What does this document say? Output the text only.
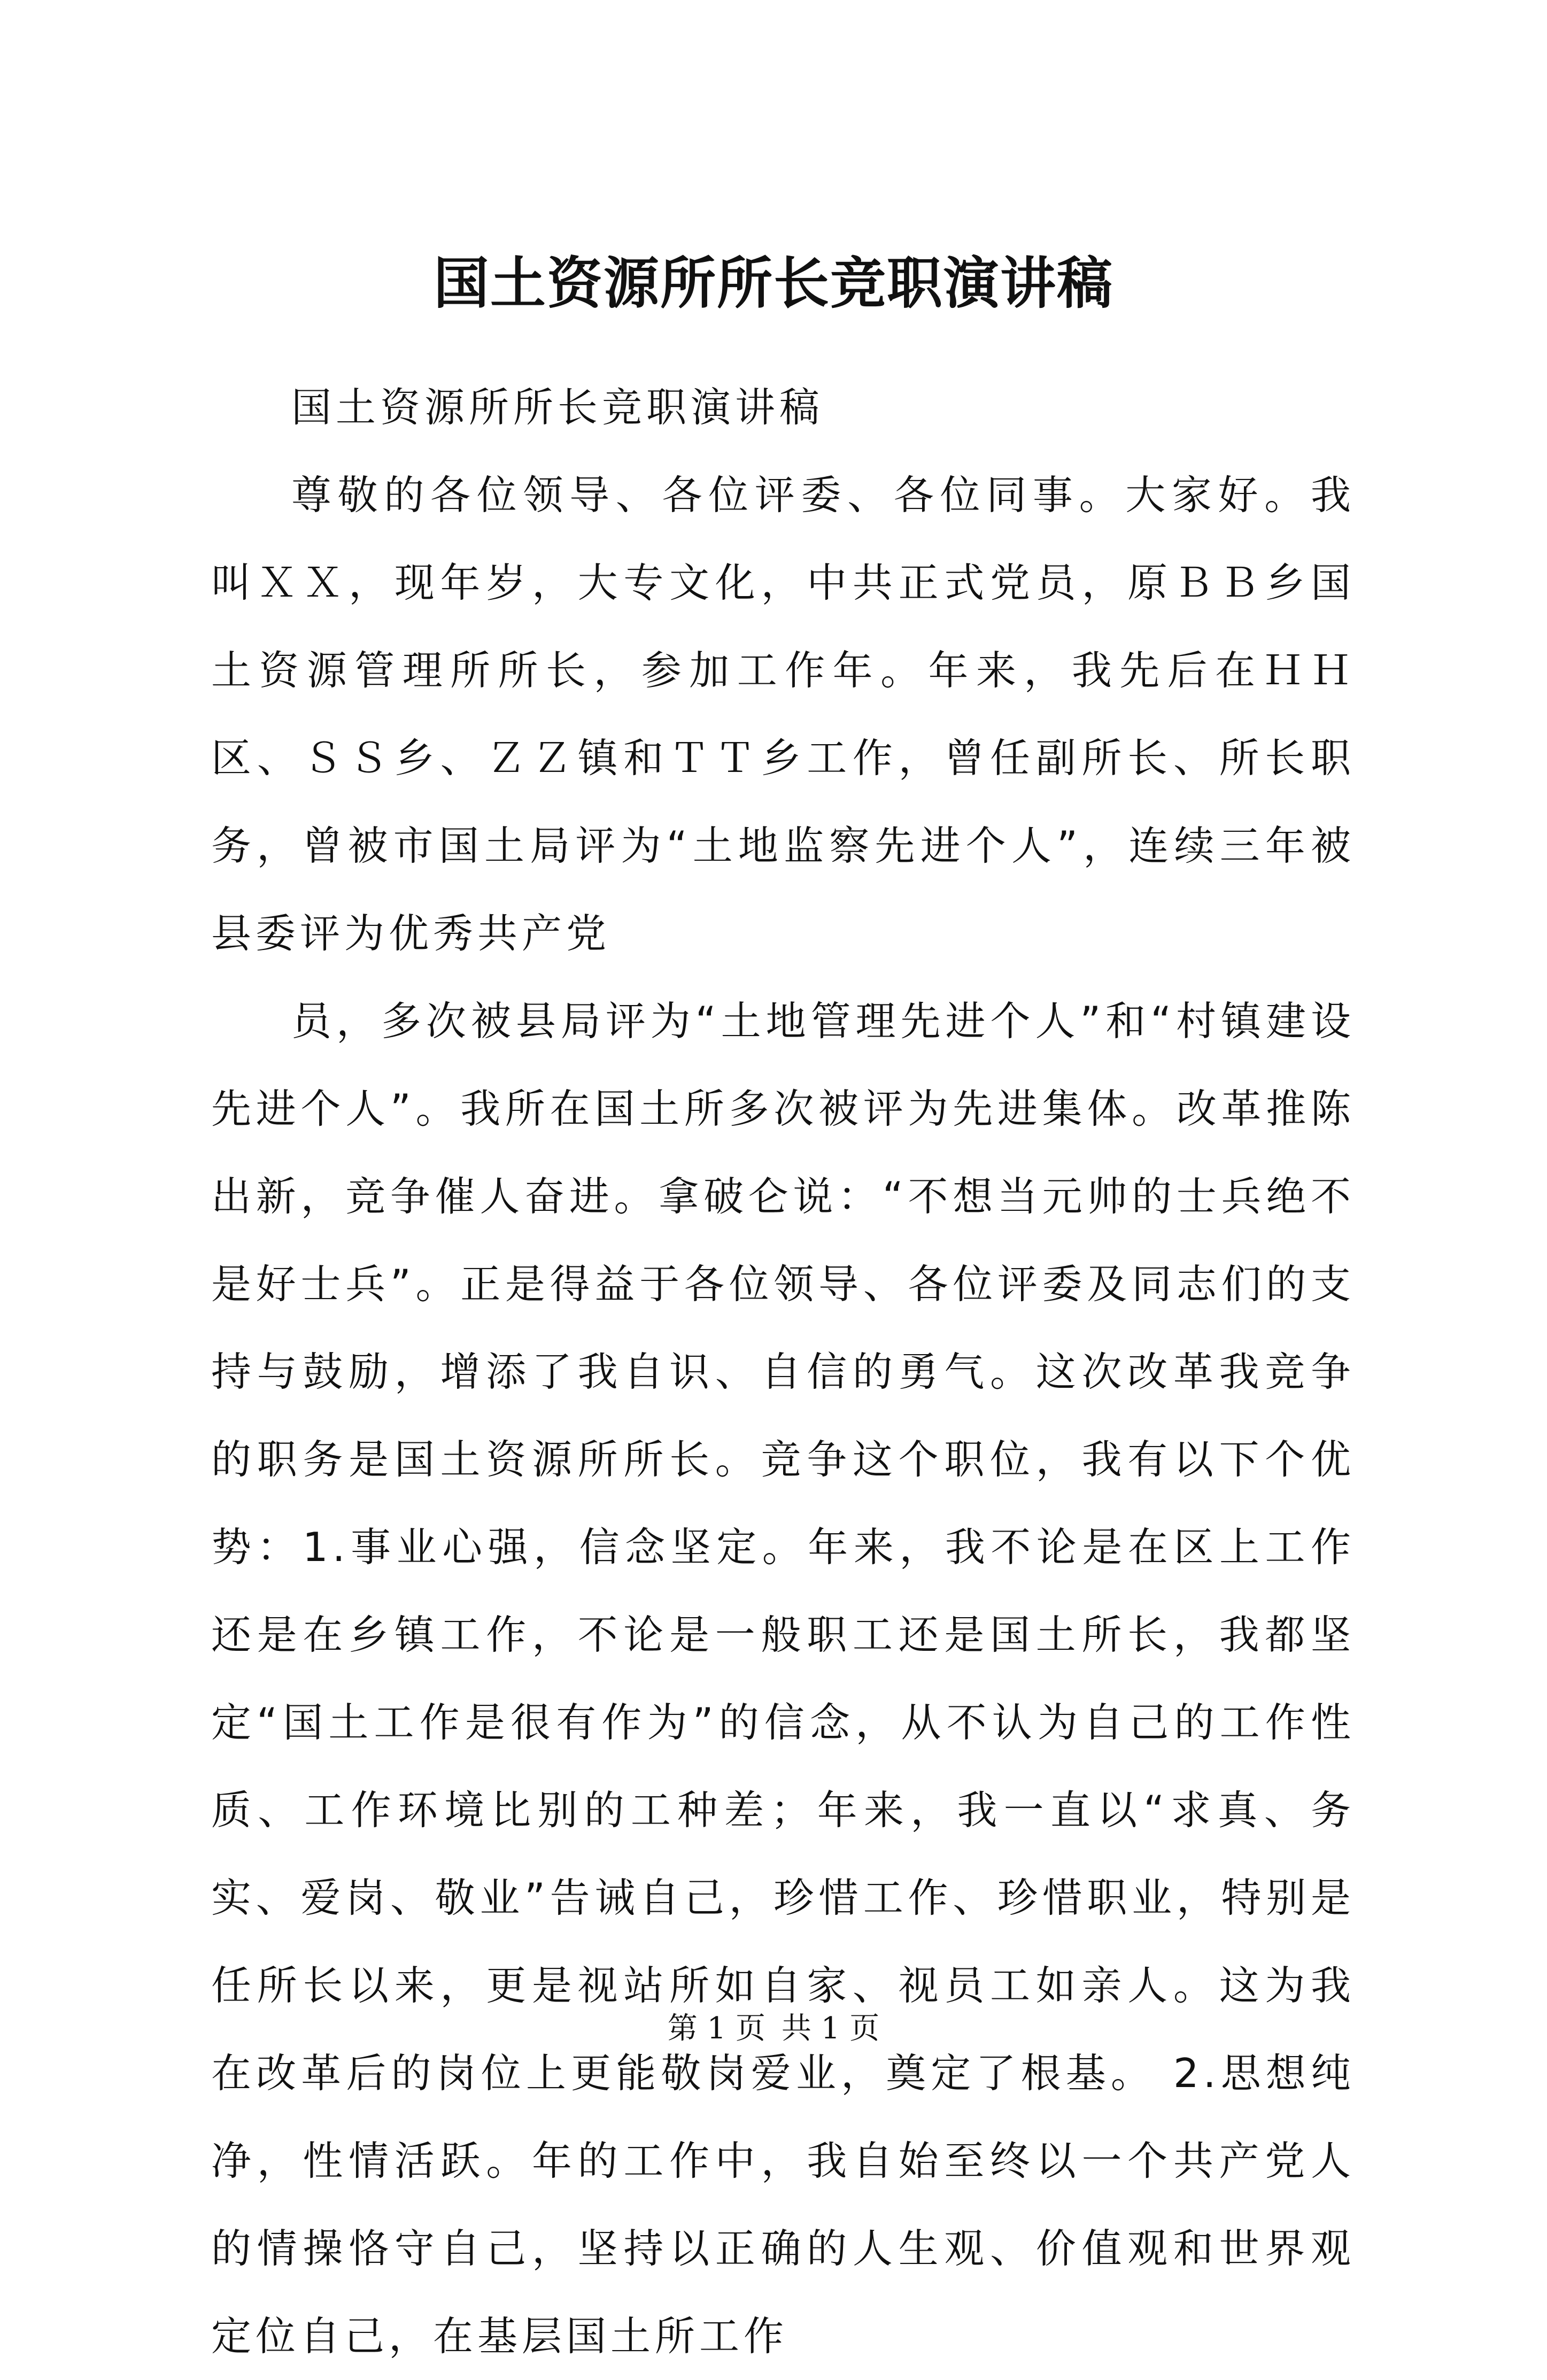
国土资源所所长竞职演讲稿

国土资源所所长竞职演讲稿

尊敬的各位领导、各位评委、各位同事。大家好。我叫ＸＸ，现年岁，大专文化，中共正式党员，原ＢＢ乡国土资源管理所所长，参加工作年。年来，我先后在ＨＨ区、ＳＳ乡、ＺＺ镇和ＴＴ乡工作，曾任副所长、所长职务，曾被市国土局评为“土地监察先进个人”，连续三年被县委评为优秀共产党

员，多次被县局评为“土地管理先进个人”和“村镇建设先进个人”。我所在国土所多次被评为先进集体。改革推陈出新，竞争催人奋进。拿破仑说：“不想当元帅的士兵绝不是好士兵”。正是得益于各位领导、各位评委及同志们的支持与鼓励，增添了我自识、自信的勇气。这次改革我竞争的职务是国土资源所所长。竞争这个职位，我有以下个优势：1.事业心强，信念坚定。年来，我不论是在区上工作还是在乡镇工作，不论是一般职工还是国土所长，我都坚定“国土工作是很有作为”的信念，从不认为自己的工作性质、工作环境比别的工种差；年来，我一直以“求真、务实、爱岗、敬业”告诫自己，珍惜工作、珍惜职业，特别是任所长以来，更是视站所如自家、视员工如亲人。这为我在改革后的岗位上更能敬岗爱业，奠定了根基。 2.思想纯净，性情活跃。年的工作中，我自始至终以一个共产党人的情操恪守自己，坚持以正确的人生观、价值观和世界观定位自己，在基层国土所工作

第 1 页 共 1 页
